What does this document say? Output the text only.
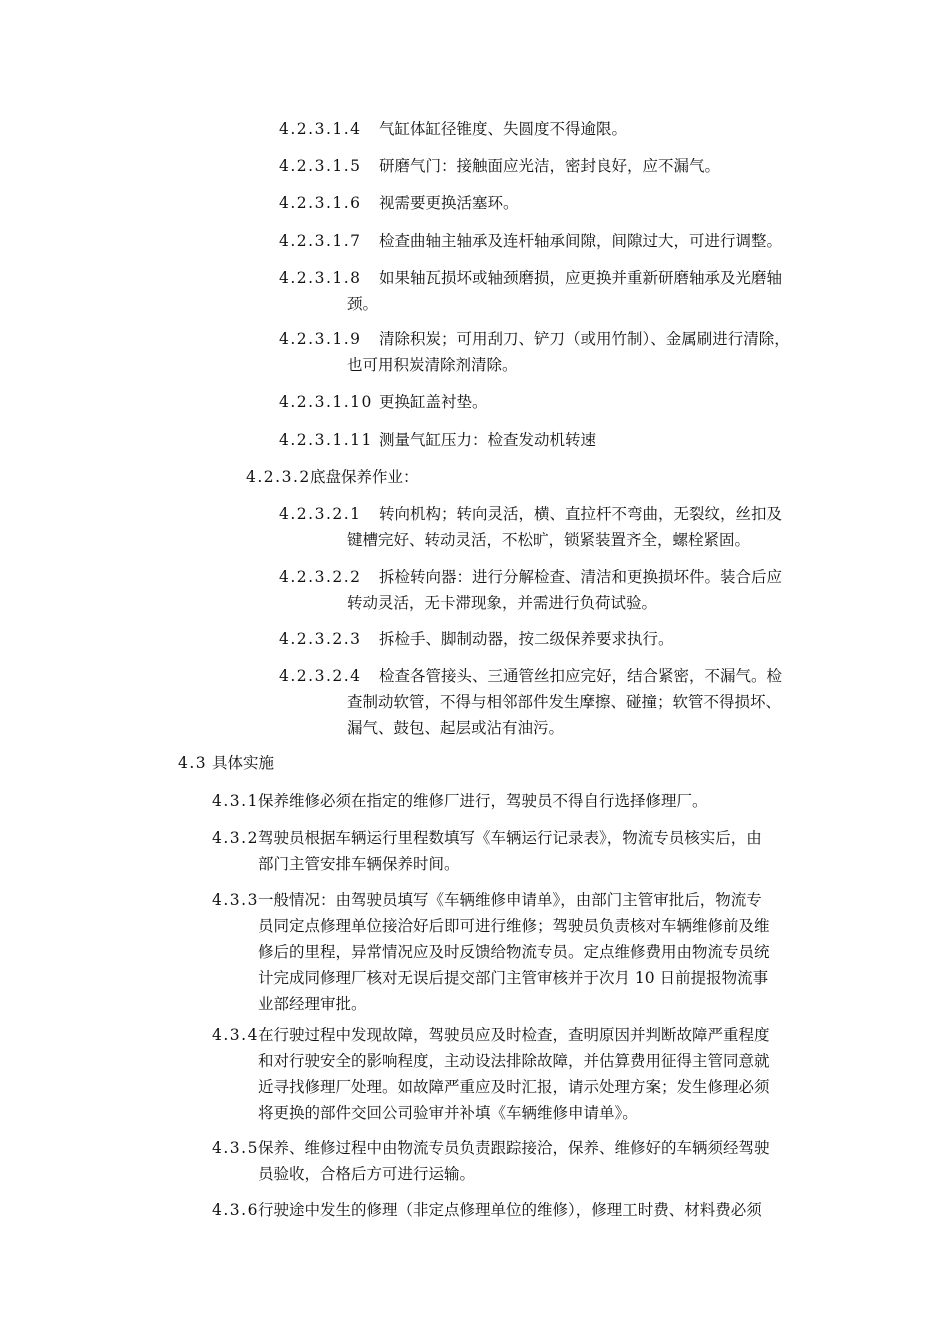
4.2.3.1.4 气缸体缸径锥度、失圆度不得逾限。
4.2.3.1.5 研磨气门：接触面应光洁，密封良好，应不漏气。
4.2.3.1.6 视需要更换活塞环。
4.2.3.1.7 检查曲轴主轴承及连杆轴承间隙，间隙过大，可进行调整。
4.2.3.1.8 如果轴瓦损坏或轴颈磨损，应更换并重新研磨轴承及光磨轴
颈。
4.2.3.1.9 清除积炭；可用刮刀、铲刀（或用竹制）、金属刷进行清除，
也可用积炭清除剂清除。
4.2.3.1.10 更换缸盖衬垫。
4.2.3.1.11 测量气缸压力：检查发动机转速
4.2.3.2 底盘保养作业：
4.2.3.2.1 转向机构；转向灵活，横、直拉杆不弯曲，无裂纹，丝扣及
键槽完好、转动灵活，不松旷，锁紧装置齐全，螺栓紧固。
4.2.3.2.2 拆检转向器：进行分解检查、清洁和更换损坏件。装合后应
转动灵活，无卡滞现象，并需进行负荷试验。
4.2.3.2.3 拆检手、脚制动器，按二级保养要求执行。
4.2.3.2.4 检查各管接头、三通管丝扣应完好，结合紧密，不漏气。检
查制动软管，不得与相邻部件发生摩擦、碰撞；软管不得损坏、
漏气、鼓包、起层或沾有油污。
4.3 具体实施
4.3.1 保养维修必须在指定的维修厂进行，驾驶员不得自行选择修理厂。
4.3.2 驾驶员根据车辆运行里程数填写《车辆运行记录表》，物流专员核实后，由
部门主管安排车辆保养时间。
4.3.3 一般情况：由驾驶员填写《车辆维修申请单》，由部门主管审批后，物流专
员同定点修理单位接洽好后即可进行维修；驾驶员负责核对车辆维修前及维
修后的里程，异常情况应及时反馈给物流专员。定点维修费用由物流专员统
计完成同修理厂核对无误后提交部门主管审核并于次月 10 日前提报物流事
业部经理审批。
4.3.4 在行驶过程中发现故障，驾驶员应及时检查，查明原因并判断故障严重程度
和对行驶安全的影响程度，主动设法排除故障，并估算费用征得主管同意就
近寻找修理厂处理。如故障严重应及时汇报，请示处理方案；发生修理必须
将更换的部件交回公司验审并补填《车辆维修申请单》。
4.3.5 保养、维修过程中由物流专员负责跟踪接洽，保养、维修好的车辆须经驾驶
员验收，合格后方可进行运输。
4.3.6 行驶途中发生的修理（非定点修理单位的维修），修理工时费、材料费必须
